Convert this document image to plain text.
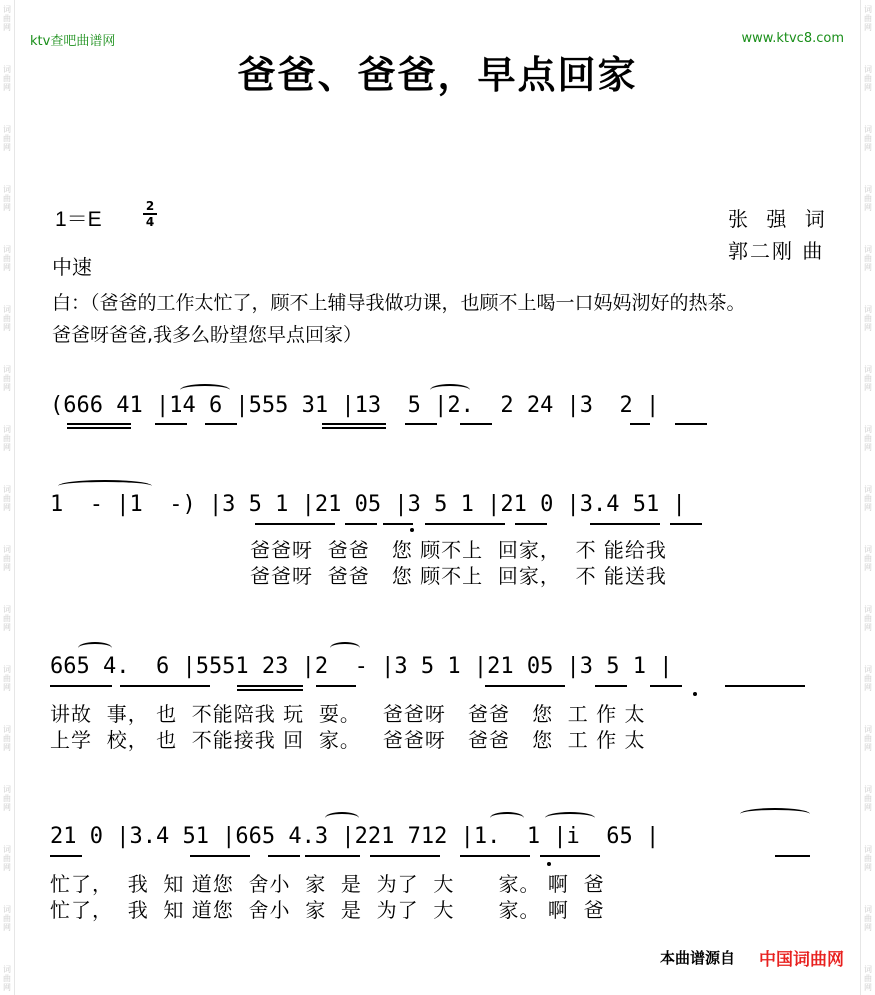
词曲网
词曲网
词曲网
词曲网
词曲网
词曲网
词曲网
词曲网
词曲网
词曲网
词曲网
词曲网
词曲网
词曲网
词曲网
词曲网
词曲网
词曲网
词曲网
词曲网
词曲网
词曲网
词曲网
词曲网
词曲网
词曲网
词曲网
词曲网
词曲网
词曲网
词曲网
词曲网
词曲网
词曲网
ktv查吧曲谱网	www.ktvc8.com
爸爸、爸爸，早点回家
1＝E
2
4
中速
张 强 词
郭二刚 曲
白：（爸爸的工作太忙了，顾不上辅导我做功课，也顾不上喝一口妈妈沏好的热茶。
爸爸呀爸爸,我多么盼望您早点回家）
(666 41 |14 6 |555 31 |13  5 |2.  2 24 |3  2 |
1  - |1  -) |3 5 1 |21 05 |3 5 1 |21 0 |3.4 51 |
爸爸呀  爸爸   您 顾不上  回家，  不 能给我
爸爸呀  爸爸   您 顾不上  回家，  不 能送我
665 4.  6 |5551 23 |2  - |3 5 1 |21 05 |3 5 1 |
讲故  事， 也  不能陪我 玩  耍。   爸爸呀   爸爸   您  工 作 太
上学  校， 也  不能接我 回  家。   爸爸呀   爸爸   您  工 作 太
21 0 |3.4 51 |665 4.3 |221 712 |1.  1 |i  65 |
忙了，  我  知 道您  舍小  家  是  为了  大      家。 啊  爸
忙了，  我  知 道您  舍小  家  是  为了  大      家。 啊  爸
本曲谱源自 中国词曲网
